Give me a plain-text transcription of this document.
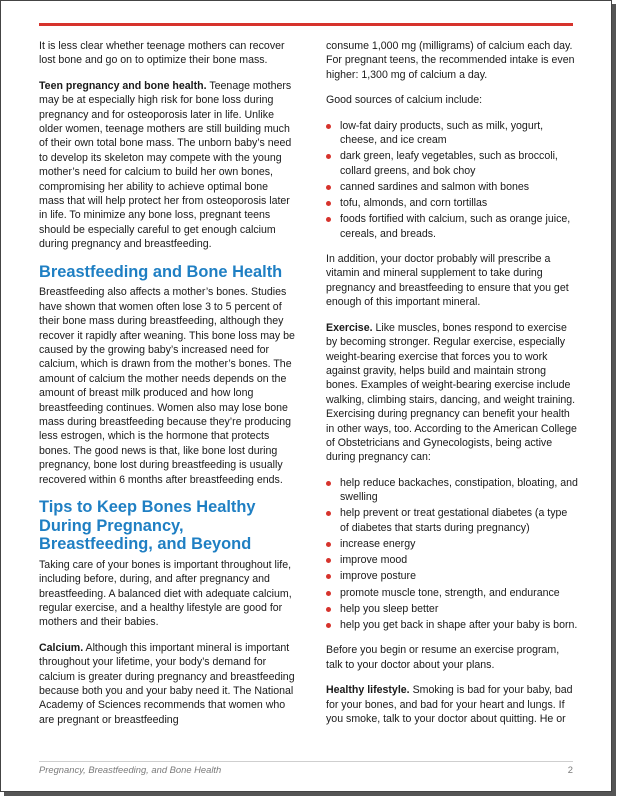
It is less clear whether teenage mothers can recover lost bone and go on to optimize their bone mass.

Teen pregnancy and bone health. Teenage mothers may be at especially high risk for bone loss during pregnancy and for osteoporosis later in life. Unlike older women, teenage mothers are still building much of their own total bone mass. The unborn baby’s need to develop its skeleton may compete with the young mother’s need for calcium to build her own bones, compromising her ability to achieve optimal bone mass that will help protect her from osteoporosis later in life. To minimize any bone loss, pregnant teens should be especially careful to get enough calcium during pregnancy and breastfeeding.

Breastfeeding and Bone Health

Breastfeeding also affects a mother’s bones. Studies have shown that women often lose 3 to 5 percent of their bone mass during breastfeeding, although they recover it rapidly after weaning. This bone loss may be caused by the growing baby’s increased need for calcium, which is drawn from the mother’s bones. The amount of calcium the mother needs depends on the amount of breast milk produced and how long breastfeeding continues. Women also may lose bone mass during breastfeeding because they’re producing less estrogen, which is the hormone that protects bones. The good news is that, like bone lost during pregnancy, bone lost during breastfeeding is usually recovered within 6 months after breastfeeding ends.

Tips to Keep Bones Healthy During Pregnancy, Breastfeeding, and Beyond

Taking care of your bones is important throughout life, including before, during, and after pregnancy and breastfeeding. A balanced diet with adequate calcium, regular exercise, and a healthy lifestyle are good for mothers and their babies.

Calcium. Although this important mineral is important throughout your lifetime, your body’s demand for calcium is greater during pregnancy and breastfeeding because both you and your baby need it. The National Academy of Sciences recommends that women who are pregnant or breastfeeding

consume 1,000 mg (milligrams) of calcium each day. For pregnant teens, the recommended intake is even higher: 1,300 mg of calcium a day.

Good sources of calcium include:

low-fat dairy products, such as milk, yogurt, cheese, and ice cream
dark green, leafy vegetables, such as broccoli, collard greens, and bok choy
canned sardines and salmon with bones
tofu, almonds, and corn tortillas
foods fortified with calcium, such as orange juice, cereals, and breads.

In addition, your doctor probably will prescribe a vitamin and mineral supplement to take during pregnancy and breastfeeding to ensure that you get enough of this important mineral.

Exercise. Like muscles, bones respond to exercise by becoming stronger. Regular exercise, especially weight-bearing exercise that forces you to work against gravity, helps build and maintain strong bones. Examples of weight-bearing exercise include walking, climbing stairs, dancing, and weight training. Exercising during pregnancy can benefit your health in other ways, too. According to the American College of Obstetricians and Gynecologists, being active during pregnancy can:

help reduce backaches, constipation, bloating, and swelling
help prevent or treat gestational diabetes (a type of diabetes that starts during pregnancy)
increase energy
improve mood
improve posture
promote muscle tone, strength, and endurance
help you sleep better
help you get back in shape after your baby is born.

Before you begin or resume an exercise program, talk to your doctor about your plans.

Healthy lifestyle. Smoking is bad for your baby, bad for your bones, and bad for your heart and lungs. If you smoke, talk to your doctor about quitting. He or

Pregnancy, Breastfeeding, and Bone Health	2
